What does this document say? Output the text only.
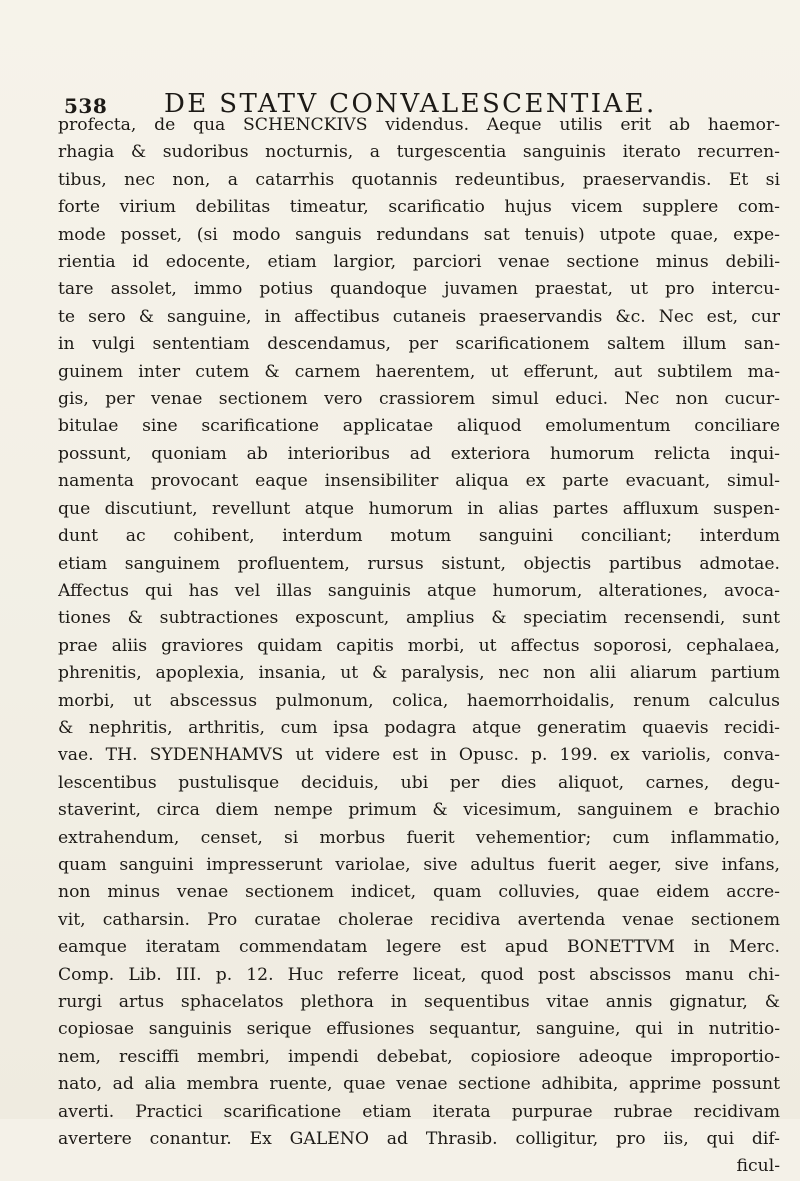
538 DE STATV CONVALESCENTIAE.
profecta, de qua SCHENCKIVS videndus. Aeque utilis erit ab haemor-
rhagia & sudoribus nocturnis, a turgescentia sanguinis iterato recurren-
tibus, nec non, a catarrhis quotannis redeuntibus, praeservandis. Et si
forte virium debilitas timeatur, scarificatio hujus vicem supplere com-
mode posset, (si modo sanguis redundans sat tenuis) utpote quae, expe-
rientia id edocente, etiam largior, parciori venae sectione minus debili-
tare assolet, immo potius quandoque juvamen praestat, ut pro intercu-
te sero & sanguine, in affectibus cutaneis praeservandis &c. Nec est, cur
in vulgi sententiam descendamus, per scarificationem saltem illum san-
guinem inter cutem & carnem haerentem, ut efferunt, aut subtilem ma-
gis, per venae sectionem vero crassiorem simul educi. Nec non cucur-
bitulae sine scarificatione applicatae aliquod emolumentum conciliare
possunt, quoniam ab interioribus ad exteriora humorum relicta inqui-
namenta provocant eaque insensibiliter aliqua ex parte evacuant, simul-
que discutiunt, revellunt atque humorum in alias partes affluxum suspen-
dunt ac cohibent, interdum motum sanguini conciliant; interdum
etiam sanguinem profluentem, rursus sistunt, objectis partibus admotae.
Affectus qui has vel illas sanguinis atque humorum, alterationes, avoca-
tiones & subtractiones exposcunt, amplius & speciatim recensendi, sunt
prae aliis graviores quidam capitis morbi, ut affectus soporosi, cephalaea,
phrenitis, apoplexia, insania, ut & paralysis, nec non alii aliarum partium
morbi, ut abscessus pulmonum, colica, haemorrhoidalis, renum calculus
& nephritis, arthritis, cum ipsa podagra atque generatim quaevis recidi-
vae. TH. SYDENHAMVS ut videre est in Opusc. p. 199. ex variolis, conva-
lescentibus pustulisque deciduis, ubi per dies aliquot, carnes, degu-
staverint, circa diem nempe primum & vicesimum, sanguinem e brachio
extrahendum, censet, si morbus fuerit vehementior; cum inflammatio,
quam sanguini impresserunt variolae, sive adultus fuerit aeger, sive infans,
non minus venae sectionem indicet, quam colluvies, quae eidem accre-
vit, catharsin. Pro curatae cholerae recidiva avertenda venae sectionem
eamque iteratam commendatam legere est apud BONETTVM in Merc.
Comp. Lib. III. p. 12. Huc referre liceat, quod post abscissos manu chi-
rurgi artus sphacelatos plethora in sequentibus vitae annis gignatur, &
copiosae sanguinis serique effusiones sequantur, sanguine, qui in nutritio-
nem, resciffi membri, impendi debebat, copiosiore adeoque improportio-
nato, ad alia membra ruente, quae venae sectione adhibita, apprime possunt
averti. Practici scarificatione etiam iterata purpurae rubrae recidivam
avertere conantur. Ex GALENO ad Thrasib. colligitur, pro iis, qui dif-
ficul-
